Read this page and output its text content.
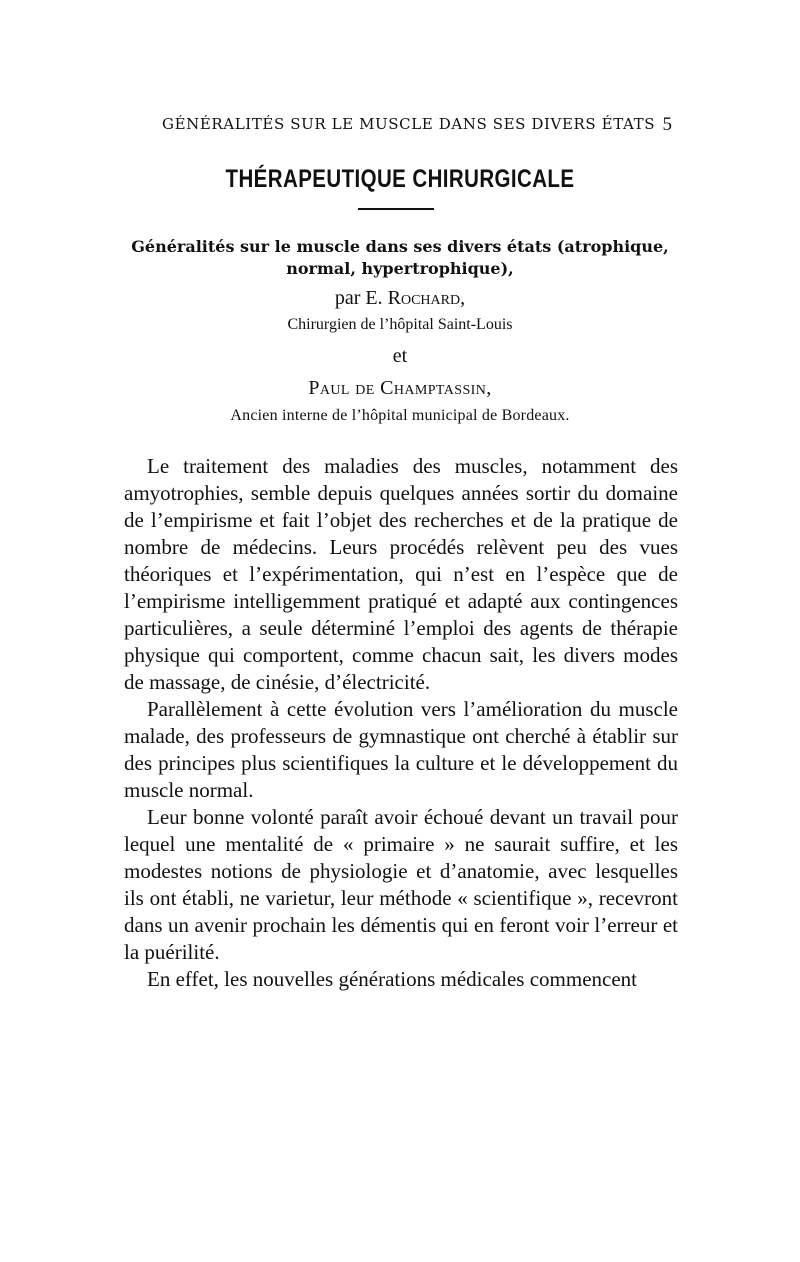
GÉNÉRALITÉS SUR LE MUSCLE DANS SES DIVERS ÉTATS 5
THÉRAPEUTIQUE CHIRURGICALE
Généralités sur le muscle dans ses divers états (atrophique,
normal, hypertrophique),
par E. Rochard,
Chirurgien de l’hôpital Saint-Louis
et
Paul de Champtassin,
Ancien interne de l’hôpital municipal de Bordeaux.

Le traitement des maladies des muscles, notamment des amyotrophies, semble depuis quelques années sortir du domaine de l’empirisme et fait l’objet des recherches et de la pratique de nombre de médecins. Leurs procédés relèvent peu des vues théoriques et l’expérimentation, qui n’est en l’espèce que de l’empirisme intelligemment pratiqué et adapté aux contingences particulières, a seule déterminé l’emploi des agents de thérapie physique qui comportent, comme chacun sait, les divers modes de massage, de cinésie, d’électricité.

Parallèlement à cette évolution vers l’amélioration du muscle malade, des professeurs de gymnastique ont cherché à établir sur des principes plus scientifiques la culture et le développement du muscle normal.

Leur bonne volonté paraît avoir échoué devant un travail pour lequel une mentalité de « primaire » ne saurait suffire, et les modestes notions de physiologie et d’anatomie, avec lesquelles ils ont établi, ne varietur, leur méthode « scientifique », recevront dans un avenir prochain les démentis qui en feront voir l’erreur et la puérilité.

En effet, les nouvelles générations médicales commencent
